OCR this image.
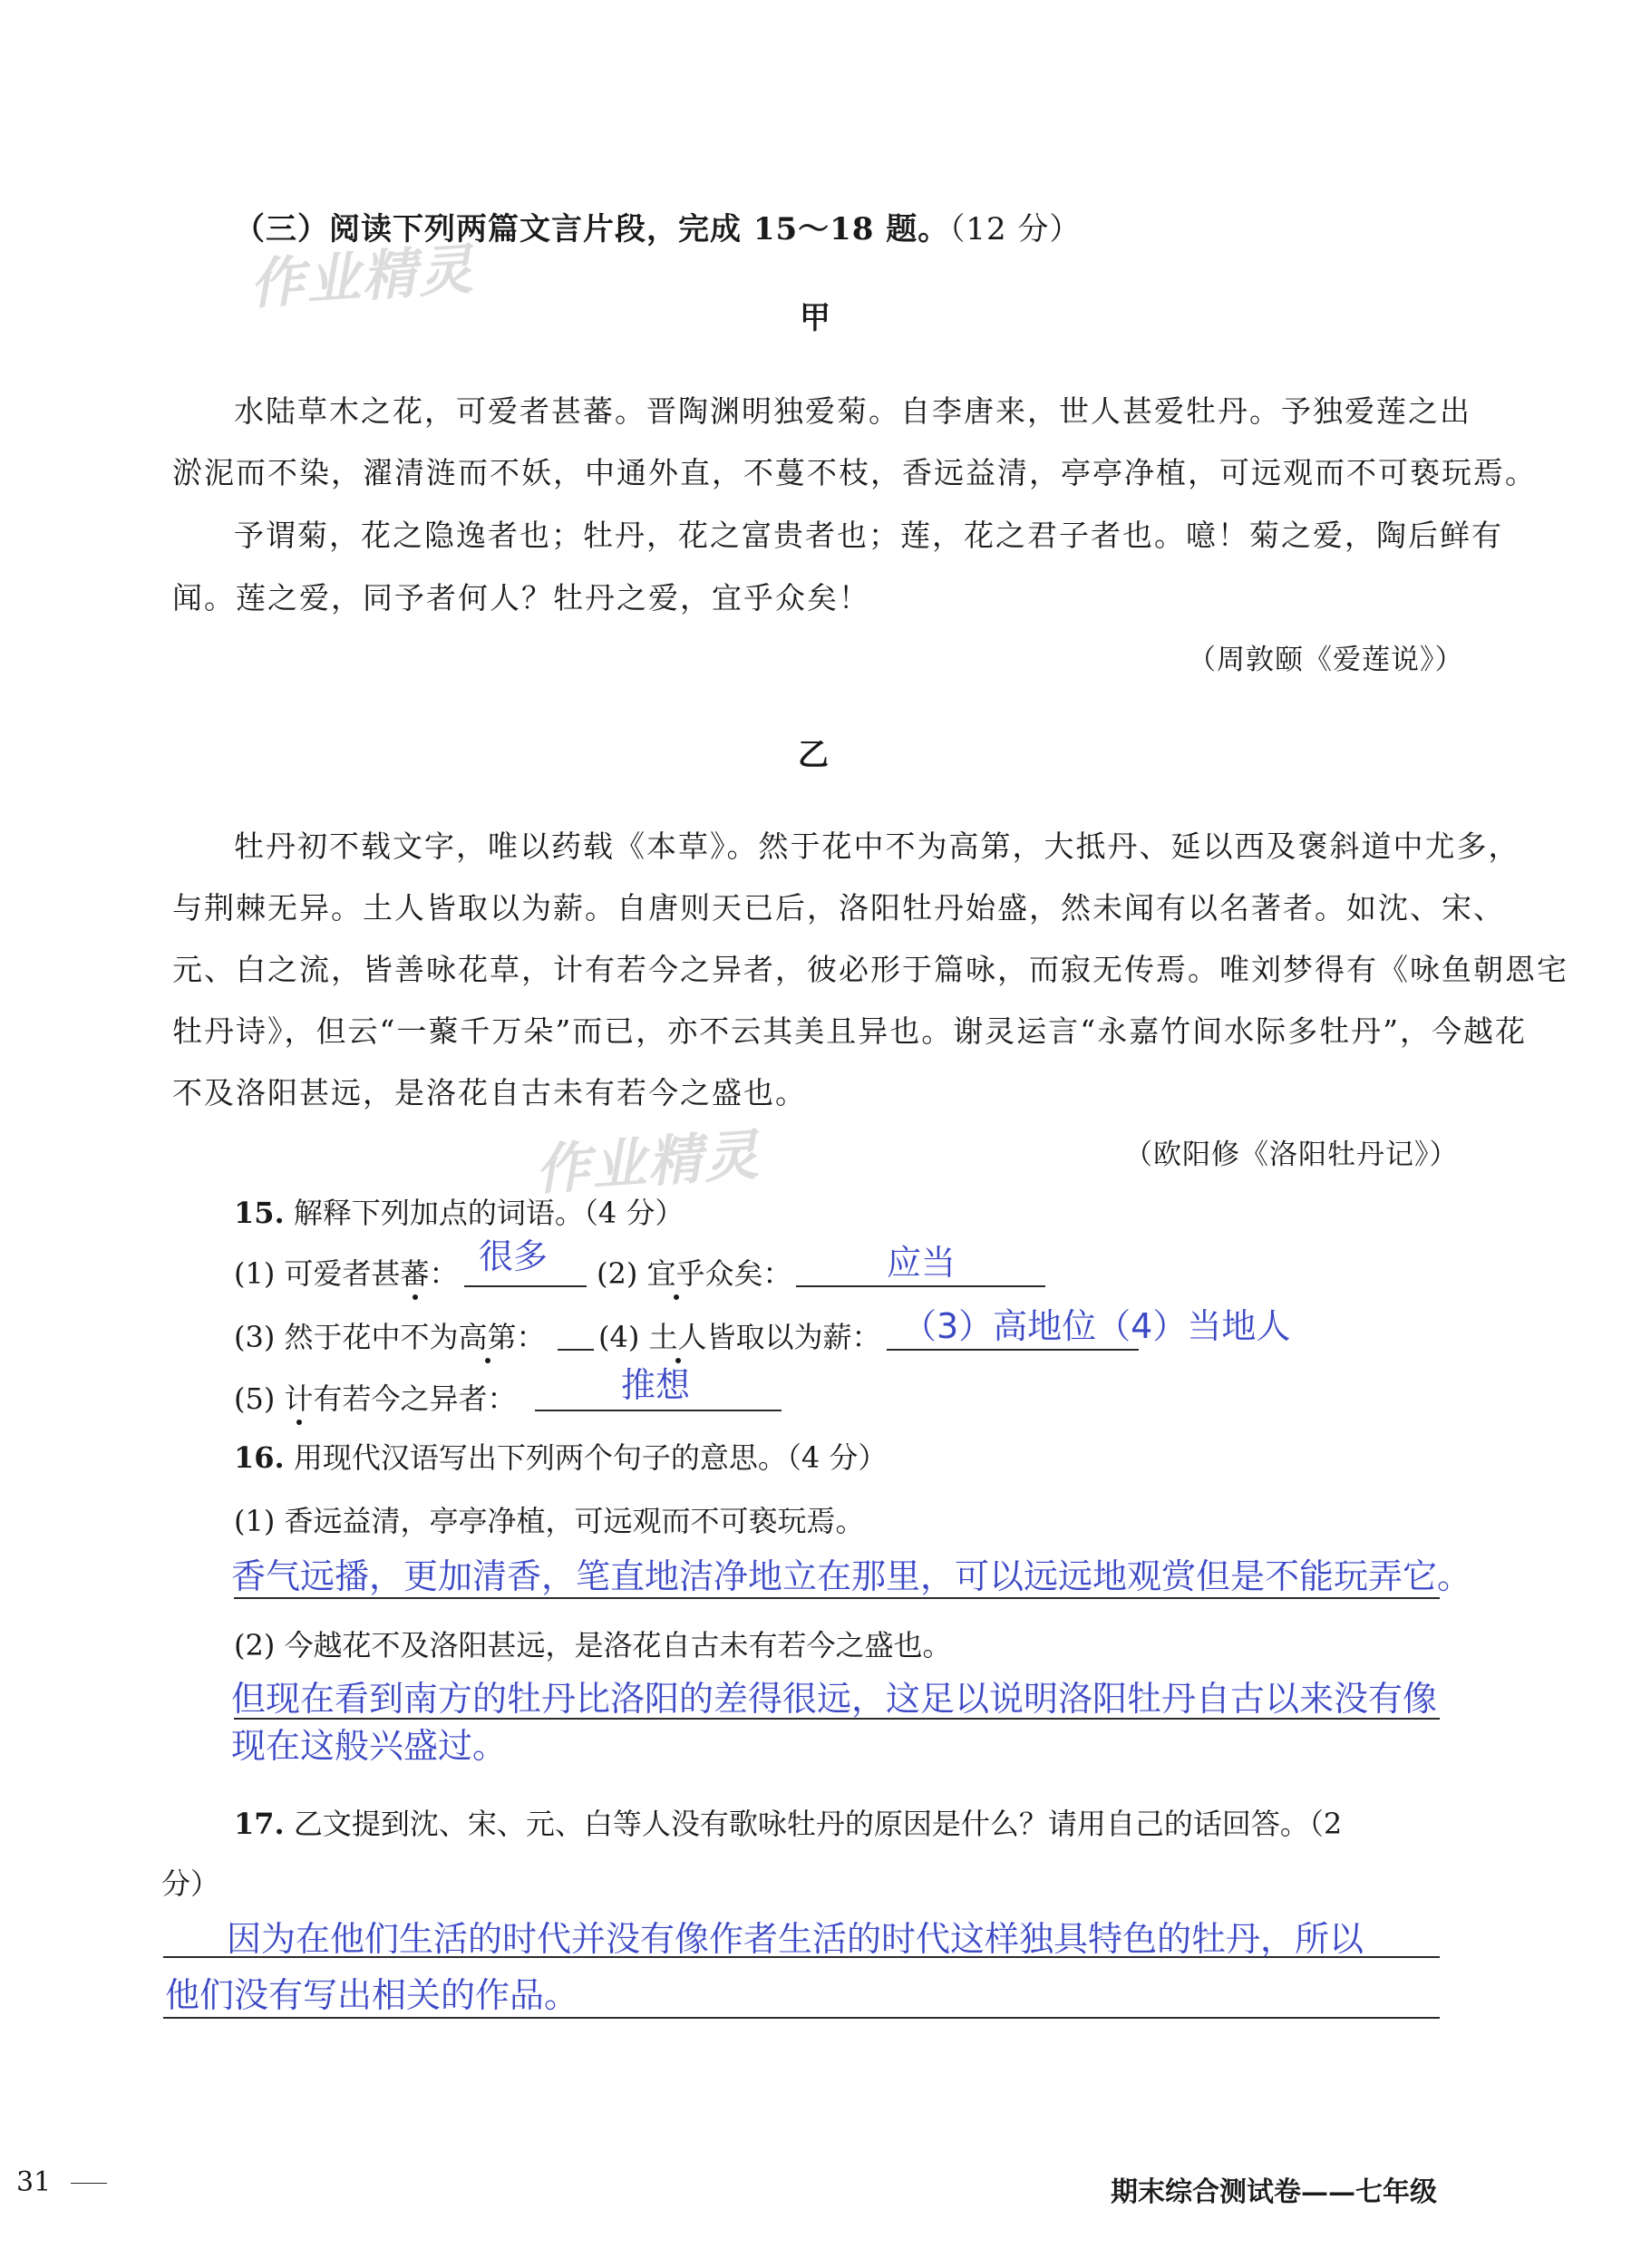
作业精灵
作业精灵
（三）阅读下列两篇文言片段，完成 15～18 题。（12 分）
甲
水陆草木之花，可爱者甚蕃。晋陶渊明独爱菊。自李唐来，世人甚爱牡丹。予独爱莲之出
淤泥而不染，濯清涟而不妖，中通外直，不蔓不枝，香远益清，亭亭净植，可远观而不可亵玩焉。
予谓菊，花之隐逸者也；牡丹，花之富贵者也；莲，花之君子者也。噫！菊之爱，陶后鲜有
闻。莲之爱，同予者何人？牡丹之爱，宜乎众矣！
（周敦颐《爱莲说》）
乙
牡丹初不载文字，唯以药载《本草》。然于花中不为高第，大抵丹、延以西及褒斜道中尤多，
与荆棘无异。土人皆取以为薪。自唐则天已后，洛阳牡丹始盛，然未闻有以名著者。如沈、宋、
元、白之流，皆善咏花草，计有若今之异者，彼必形于篇咏，而寂无传焉。唯刘梦得有《咏鱼朝恩宅
牡丹诗》，但云“一藂千万朵”而已，亦不云其美且异也。谢灵运言“永嘉竹间水际多牡丹”，今越花
不及洛阳甚远，是洛花自古未有若今之盛也。
（欧阳修《洛阳牡丹记》）
15. 解释下列加点的词语。（4 分）
(1) 可爱者甚蕃： 很多 (2) 宜乎众矣：	应当
(3) 然于花中不为高第： (4) 土人皆取以为薪： （3）高地位（4）当地人
(5) 计有若今之异者：	推想
16. 用现代汉语写出下列两个句子的意思。（4 分）
(1) 香远益清，亭亭净植，可远观而不可亵玩焉。
香气远播，更加清香，笔直地洁净地立在那里，可以远远地观赏但是不能玩弄它。
(2) 今越花不及洛阳甚远，是洛花自古未有若今之盛也。
但现在看到南方的牡丹比洛阳的差得很远，这足以说明洛阳牡丹自古以来没有像
现在这般兴盛过。
17. 乙文提到沈、宋、元、白等人没有歌咏牡丹的原因是什么？请用自己的话回答。（2
分）
因为在他们生活的时代并没有像作者生活的时代这样独具特色的牡丹，所以
他们没有写出相关的作品。
31	期末综合测试卷——七年级
